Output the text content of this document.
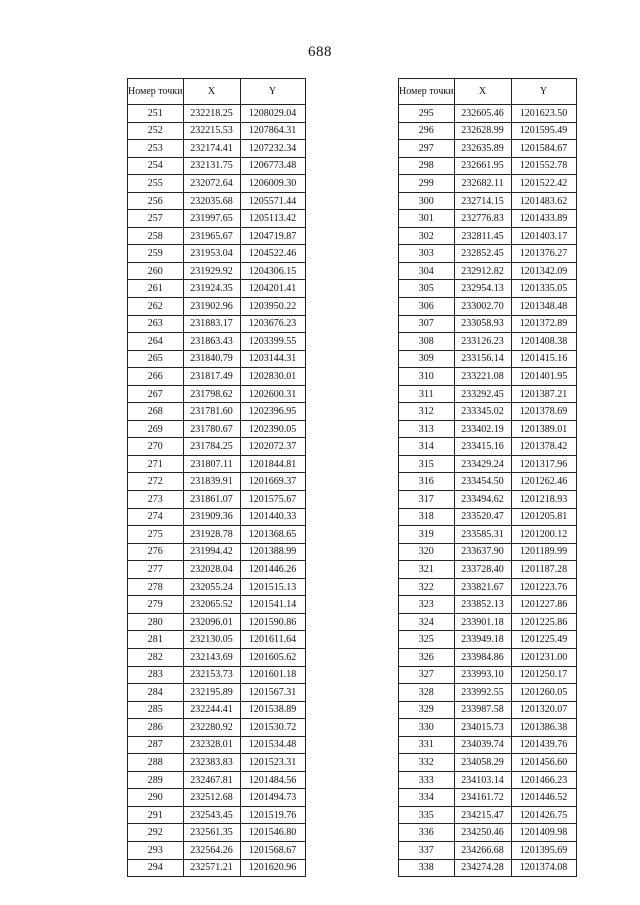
688
Номер точки	X	Y
251	232218.25	1208029.04
252	232215.53	1207864.31
253	232174.41	1207232.34
254	232131.75	1206773.48
255	232072.64	1206009.30
256	232035.68	1205571.44
257	231997.65	1205113.42
258	231965.67	1204719.87
259	231953.04	1204522.46
260	231929.92	1204306.15
261	231924.35	1204201.41
262	231902.96	1203950.22
263	231883.17	1203676.23
264	231863.43	1203399.55
265	231840.79	1203144.31
266	231817.49	1202830.01
267	231798.62	1202600.31
268	231781.60	1202396.95
269	231780.67	1202390.05
270	231784.25	1202072.37
271	231807.11	1201844.81
272	231839.91	1201669.37
273	231861.07	1201575.67
274	231909.36	1201440.33
275	231928.78	1201368.65
276	231994.42	1201388.99
277	232028.04	1201446.26
278	232055.24	1201515.13
279	232065.52	1201541.14
280	232096.01	1201590.86
281	232130.05	1201611.64
282	232143.69	1201605.62
283	232153.73	1201601.18
284	232195.89	1201567.31
285	232244.41	1201538.89
286	232280.92	1201530.72
287	232328.01	1201534.48
288	232383.83	1201523.31
289	232467.81	1201484.56
290	232512.68	1201494.73
291	232543.45	1201519.76
292	232561.35	1201546.80
293	232564.26	1201568.67
294	232571.21	1201620.96
Номер точки	X	Y
295	232605.46	1201623.50
296	232628.99	1201595.49
297	232635.89	1201584.67
298	232661.95	1201552.78
299	232682.11	1201522.42
300	232714.15	1201483.62
301	232776.83	1201433.89
302	232811.45	1201403.17
303	232852.45	1201376.27
304	232912.82	1201342.09
305	232954.13	1201335.05
306	233002.70	1201348.48
307	233058.93	1201372.89
308	233126.23	1201408.38
309	233156.14	1201415.16
310	233221.08	1201401.95
311	233292.45	1201387.21
312	233345.02	1201378.69
313	233402.19	1201389.01
314	233415.16	1201378.42
315	233429.24	1201317.96
316	233454.50	1201262.46
317	233494.62	1201218.93
318	233520.47	1201205.81
319	233585.31	1201200.12
320	233637.90	1201189.99
321	233728.40	1201187.28
322	233821.67	1201223.76
323	233852.13	1201227.86
324	233901.18	1201225.86
325	233949.18	1201225.49
326	233984.86	1201231.00
327	233993.10	1201250.17
328	233992.55	1201260.05
329	233987.58	1201320.07
330	234015.73	1201386.38
331	234039.74	1201439.76
332	234058.29	1201456.60
333	234103.14	1201466.23
334	234161.72	1201446.52
335	234215.47	1201426.75
336	234250.46	1201409.98
337	234266.68	1201395.69
338	234274.28	1201374.08
